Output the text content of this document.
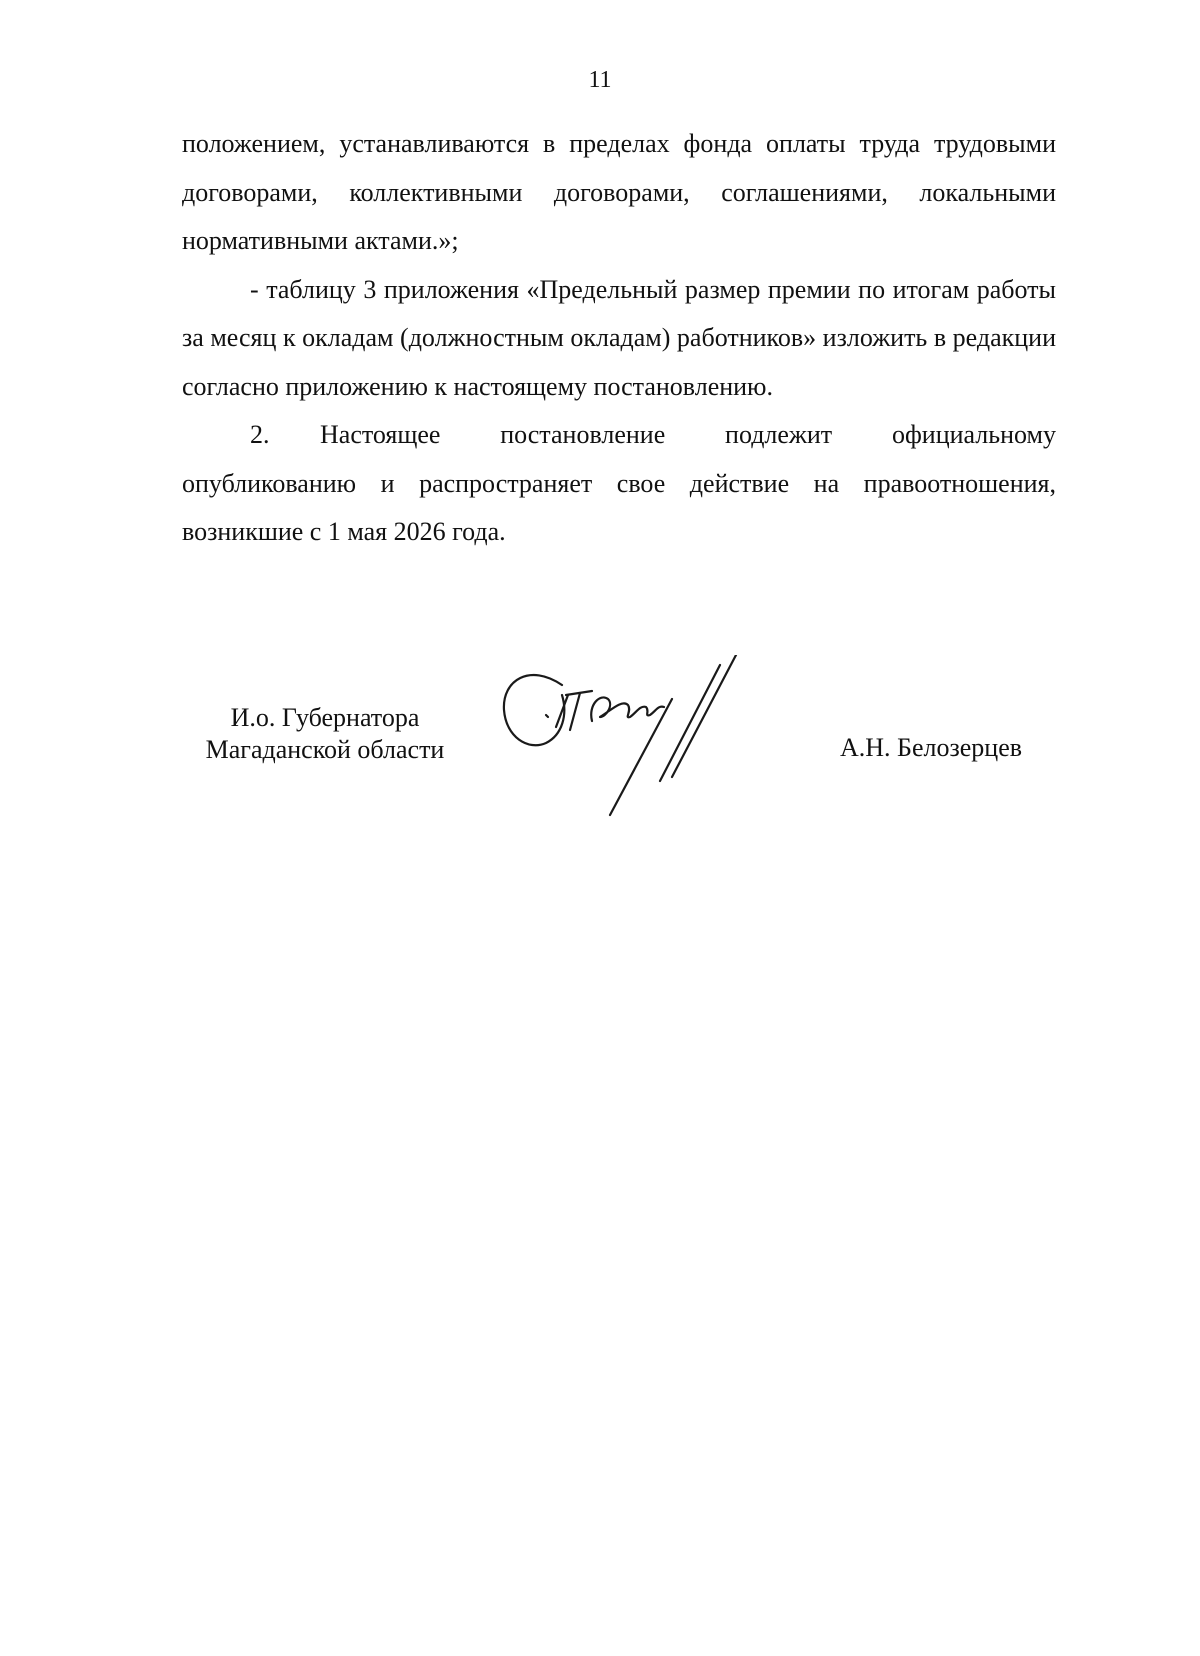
11

положением, устанавливаются в пределах фонда оплаты труда трудовыми договорами, коллективными договорами, соглашениями, локальными нормативными актами.»;

- таблицу 3 приложения «Предельный размер премии по итогам работы за месяц к окладам (должностным окладам) работников» изложить в редакции согласно приложению к настоящему постановлению.

2. Настоящее постановление подлежит официальному опубликованию и распространяет свое действие на правоотношения, возникшие с 1 мая 2026 года.

И.о. Губернатора
Магаданской области	А.Н. Белозерцев
